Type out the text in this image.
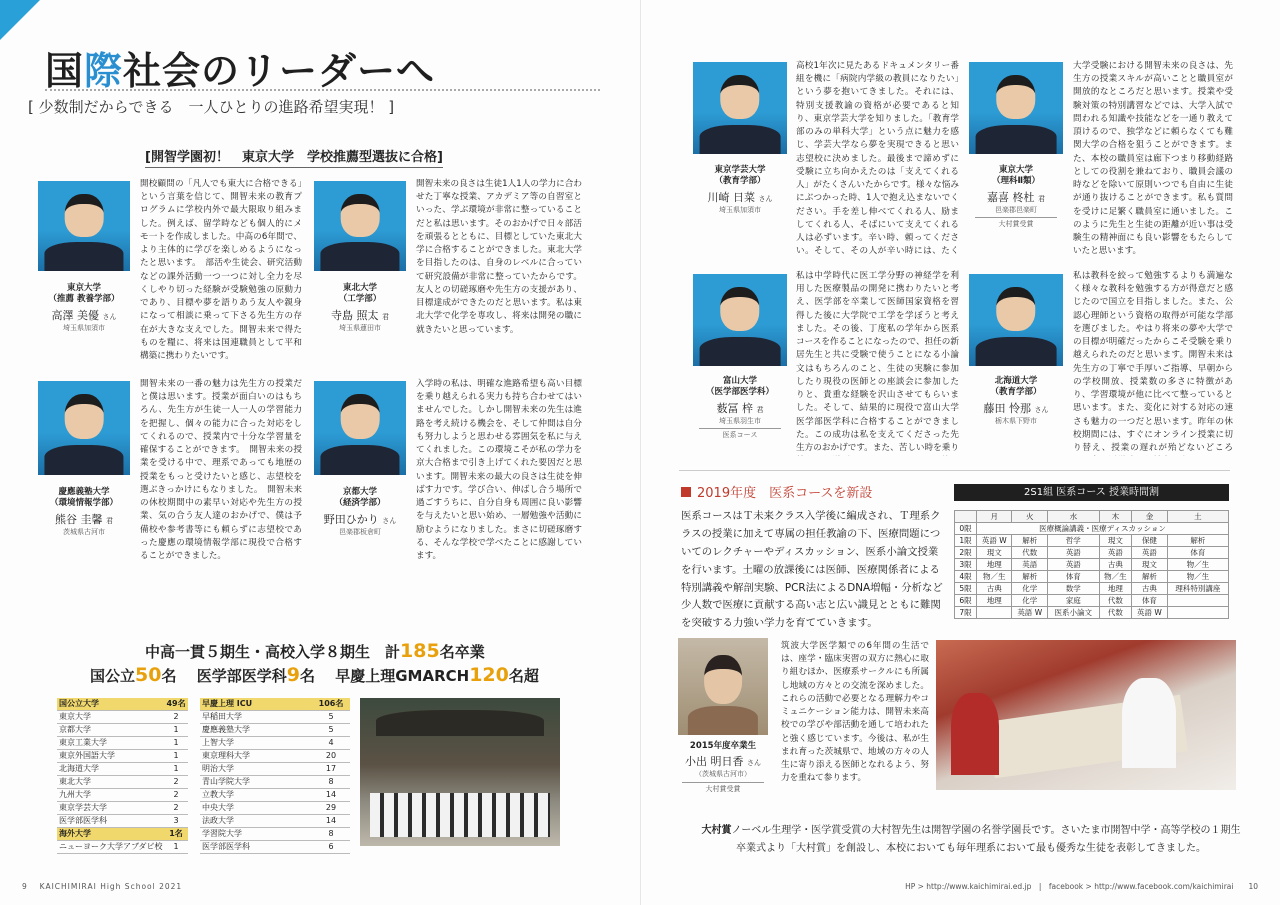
国際社会のリーダーへ
[ 少数制だからできる　一人ひとりの進路希望実現！ ]
[開智学園初！　東京大学　学校推薦型選抜に合格]
東京大学
（推薦 教養学部）
高澤 美優 さん
埼玉県加須市
開校顧問の「凡人でも東大に合格できる」という言葉を信じて、開智未来の教育プログラムに学校内外で最大限取り組みました。例えば、留学時なども個人的にメモ一トを作成しました。中高の6年間で、より主体的に学びを楽しめるようになったと思います。　部活や生徒会、研究活動などの課外活動一つ一つに対し全力を尽くしやり切った経験が受験勉強の原動力であり、目標や夢を語りあう友人や親身になって相談に乗って下さる先生方の存在が大きな支えでした。開智未来で得たものを糧に、将来は国連職員として平和構築に携わりたいです。
東北大学
（工学部）
寺島 照太 君
埼玉県蓮田市
開智未来の良さは生徒1人1人の学力に合わせた丁寧な授業、アカデミア等の自習室といった、学ぶ環境が非常に整っていることだと私は思います。そのおかげで日々部活を頑張るとともに、目標としていた東北大学に合格することができました。東北大学を目指したのは、自身のレベルに合っていて研究設備が非常に整っていたからです。友人との切磋琢磨や先生方の支援があり、目標達成ができたのだと思います。私は東北大学で化学を専攻し、将来は開発の職に就きたいと思っています。
慶應義塾大学
（環境情報学部）
熊谷 圭馨 君
茨城県古河市
開智未来の一番の魅力は先生方の授業だと僕は思います。授業が面白いのはもちろん、先生方が生徒一人一人の学習能力を把握し、個々の能力に合った対応をしてくれるので、授業内で十分な学習量を確保することができます。　開智未来の授業を受ける中で、理系であっても地歴の授業をもっと受けたいと感じ、志望校を選ぶきっかけにもなりました。　開智未来の休校期間中の素早い対応や先生方の授業、気の合う友人達のおかげで、僕は予備校や参考書等にも頼らずに志望校であった慶應の環境情報学部に現役で合格することができました。
京都大学
（経済学部）
野田ひかり さん
邑楽郡板倉町
入学時の私は、明確な進路希望も高い目標を乗り越えられる実力も持ち合わせてはいませんでした。しかし開智未来の先生は進路を考え続ける機会を、そして仲間は自分も努力しようと思わせる雰囲気を私に与えてくれました。この環境こそが私の学力を京大合格まで引き上げてくれた要因だと思います。開智未来の最大の良さは生徒を伸ばす力です。学び合い、伸ばし合う場所で過ごすうちに、自分自身も周囲に良い影響を与えたいと思い始め、一層勉強や活動に励むようになりました。まさに切磋琢磨する、そんな学校で学べたことに感謝しています。
中高一貫５期生・高校入学８期生　計185名卒業
国公立50名　 医学部医学科9名　 早慶上理GMARCH120名超
国公立大学	49名
東京大学	2
京都大学	1
東京工業大学	1
東京外国語大学	1
北海道大学	1
東北大学	2
九州大学	2
東京学芸大学	2
医学部医学科	3
海外大学	1名
ニューヨーク大学アブダビ校	1
早慶上理 ICU	106名
早稲田大学	5
慶應義塾大学	5
上智大学	4
東京理科大学	20
明治大学	17
青山学院大学	8
立教大学	14
中央大学	29
法政大学	14
学習院大学	8
医学部医学科	6
9　 KAICHIMIRAI High School 2021
東京学芸大学
（教育学部）
川崎 日菜 さん
埼玉県加須市
高校1年次に見たあるドキュメンタリー番組を機に「病院内学級の教員になりたい」という夢を抱いてきました。それには、特別支援教諭の資格が必要であると知り、東京学芸大学を知りました。「教育学部のみの単科大学」という点に魅力を感じ、学芸大学なら夢を実現できると思い志望校に決めました。最後まで諦めずに受験に立ち向かえたのは「支えてくれる人」がたくさんいたからです。様々な悩みにぶつかった時、1人で抱え込まないでください。手を差し伸べてくれる人、励ましてくれる人、そばにいて支えてくれる人は必ずいます。辛い時、頼ってください。そして、その人が辛い時には、たく
東京大学
（理科Ⅱ類）
嘉喜 柊杜 君
邑楽郡邑楽町
大村賞受賞
大学受験における開智未来の良さは、先生方の授業スキルが高いことと職員室が開放的なところだと思います。授業や受験対策の特別講習などでは、大学入試で問われる知識や技能などを一通り教えて頂けるので、独学などに頼らなくても難関大学の合格を狙うことができます。また、本校の職員室は廊下つまり移動経路としての役割を兼ねており、職員会議の時などを除いて原則いつでも自由に生徒が通り抜けることができます。私も質問を受けに足繁く職員室に通いました。このように先生と生徒の距離が近い事は受験生の精神面にも良い影響をもたらしていたと思います。
富山大学
（医学部医学科）
薮冨 梓 君
埼玉県羽生市
医系コース
私は中学時代に医工学分野の神経学を利用した医療製品の開発に携わりたいと考え、医学部を卒業して医師国家資格を習得した後に大学院で工学を学ぼうと考えました。その後、丁度私の学年から医系コースを作ることになったので、担任の新居先生と共に受験で使うことになる小論文はもちろんのこと、生徒の実験に参加したり現役の医師との座談会に参加したりと、貴重な経験を沢山させてもらいました。そして、結果的に現役で富山大学医学部医学科に合格することができました。この成功は私を支えてくださった先生方のおかげです。また、苦しい時を乗り
北海道大学
（教育学部）
藤田 怜那 さん
栃木県下野市
私は教科を絞って勉強するよりも満遍なく様々な教科を勉強する方が得意だと感じたので国立を目指しました。また、公認心理師という資格の取得が可能な学部を選びました。やはり将来の夢や大学での目標が明確だったからこそ受験を乗り越えられたのだと思います。開智未来は先生方の丁寧で手厚いご指導、早朝からの学校開放、授業数の多さに特徴があり、学習環境が他に比べて整っていると思います。また、変化に対する対応の速さも魅力の一つだと思います。昨年の休校期間には、すぐにオンライン授業に切り替え、授業の遅れが殆どないどころ
2019年度　医系コースを新設
医系コースはＴ未来クラス入学後に編成され、Ｔ理系クラスの授業に加えて専属の担任教諭の下、医療問題についてのレクチャーやディスカッション、医系小論文授業を行います。土曜の放課後には医師、医療関係者による特別講義や解剖実験、PCR法によるDNA増幅・分析など少人数で医療に貢献する高い志と広い識見とともに難関を突破する力強い学力を育てていきます。
2S1組 医系コース 授業時間割
	月	火	水	木	金	土
0限	医療概論講義・医療ディスカッション					
1限	英語 W	解析	哲学	現文	保健	解析
2限	現文	代数	英語	英語	英語	体育
3限	地理	英語	英語	古典	現文	物／生
4限	物／生	解析	体育	物／生	解析	物／生
5限	古典	化学	数学	地理	古典	理科特別講座
6限	地理	化学	家庭	代数	体育	
7限		英語 W	医系小論文	代数	英語 W	
2015年度卒業生
小出 明日香 さん
（茨城県古河市）
大村賞受賞
筑波大学医学類での6年間の生活では、座学・臨床実習の双方に熱心に取り組むほか、医療系サークルにも所属し地域の方々との交流を深めました。これらの活動で必要となる理解力やコミュニケーション能力は、開智未来高校での学びや部活動を通して培われたと強く感じています。今後は、私が生まれ育った茨城県で、地域の方々の人生に寄り添える医師となれるよう、努力を重ねて参ります。
大村賞ノーベル生理学・医学賞受賞の大村智先生は開智学園の名誉学園長です。さいたま市開智中学・高等学校の１期生卒業式より「大村賞」を創設し、本校においても毎年理系において最も優秀な生徒を表彰してきました。
HP > http://www.kaichimirai.ed.jp　|　facebook > http://www.facebook.com/kaichimirai　　10
